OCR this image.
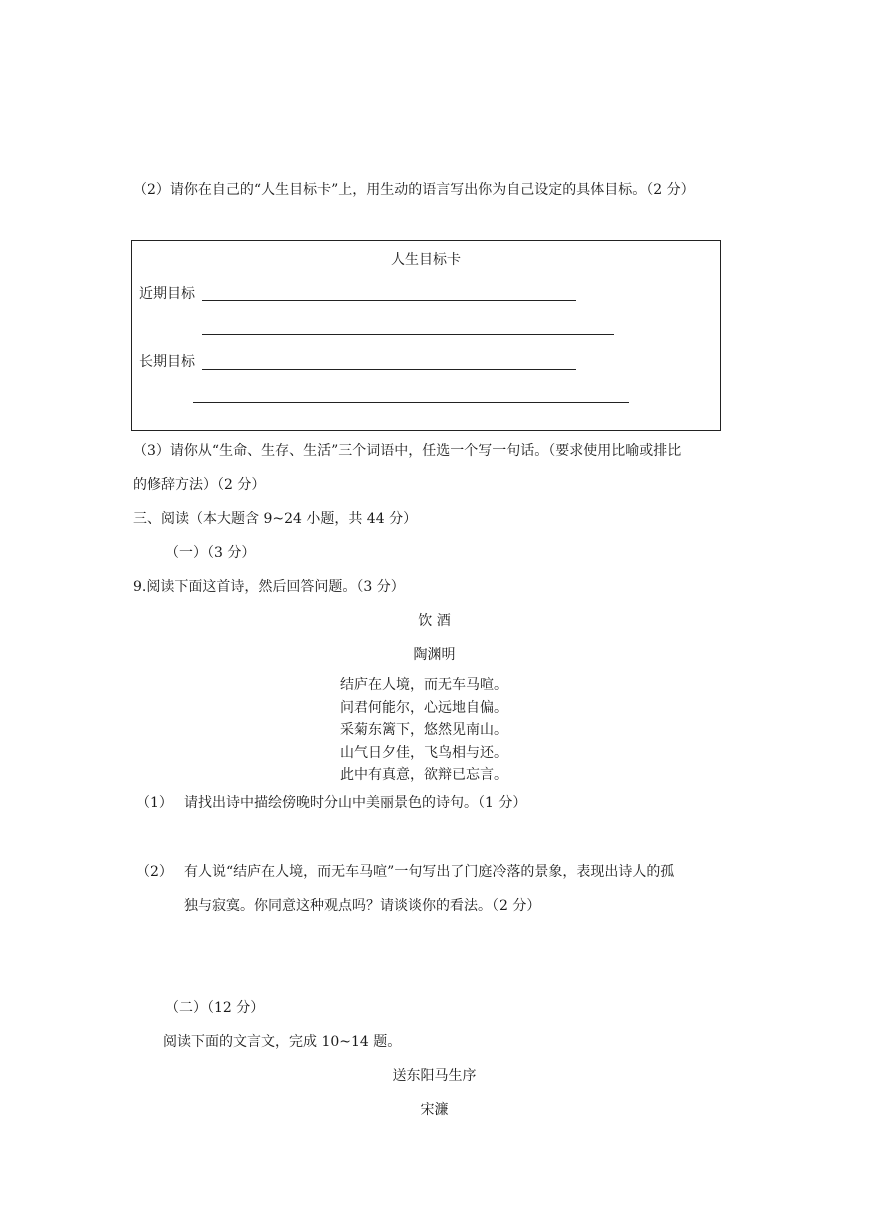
（2）请你在自己的“人生目标卡”上，用生动的语言写出你为自己设定的具体目标。（2 分）
人生目标卡
近期目标
长期目标
（3）请你从“生命、生存、生活”三个词语中，任选一个写一句话。（要求使用比喻或排比
的修辞方法）（2 分）
三、阅读（本大题含 9~24 小题，共 44 分）
（一）（3 分）
9.阅读下面这首诗，然后回答问题。（3 分）
饮 酒
陶渊明
结庐在人境，而无车马喧。
问君何能尔，心远地自偏。
采菊东篱下，悠然见南山。
山气日夕佳，飞鸟相与还。
此中有真意，欲辩已忘言。
（1） 请找出诗中描绘傍晚时分山中美丽景色的诗句。（1 分）
（2） 有人说“结庐在人境，而无车马喧”一句写出了门庭冷落的景象，表现出诗人的孤
独与寂寞。你同意这种观点吗？请谈谈你的看法。（2 分）
（二）（12 分）
阅读下面的文言文，完成 10~14 题。
送东阳马生序
宋濂
